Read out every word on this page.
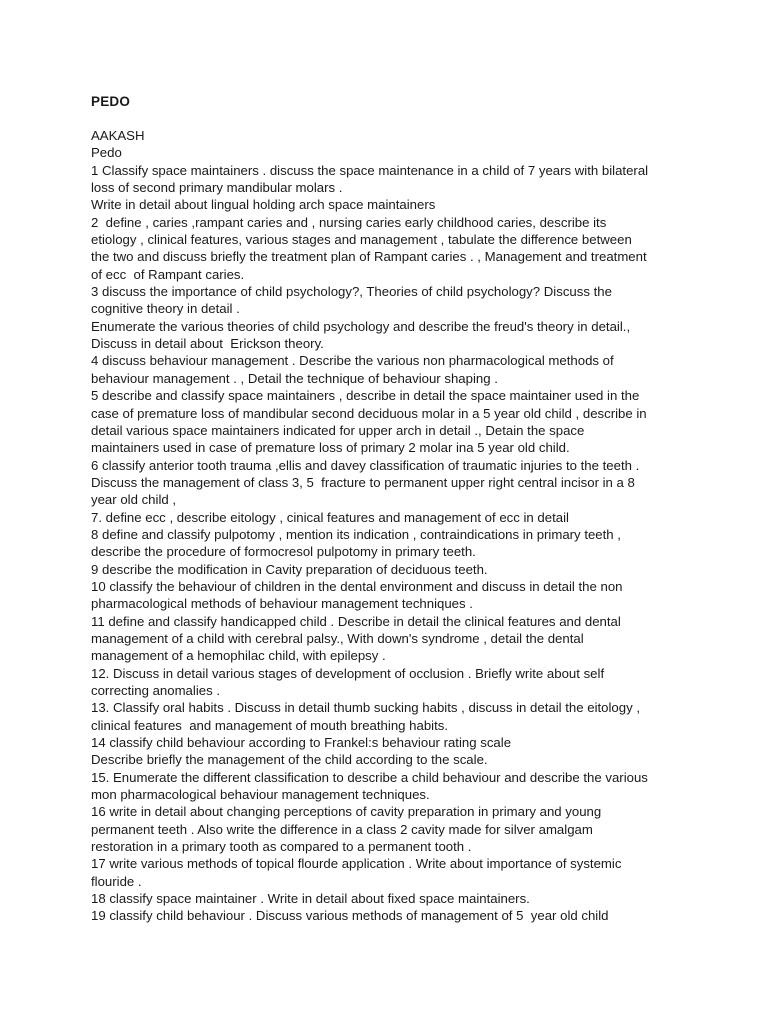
PEDO
AAKASH
Pedo
1 Classify space maintainers . discuss the space maintenance in a child of 7 years with bilateral
loss of second primary mandibular molars .
Write in detail about lingual holding arch space maintainers
2  define , caries ,rampant caries and , nursing caries early childhood caries, describe its
etiology , clinical features, various stages and management , tabulate the difference between
the two and discuss briefly the treatment plan of Rampant caries . , Management and treatment
of ecc  of Rampant caries.
3 discuss the importance of child psychology?, Theories of child psychology? Discuss the
cognitive theory in detail .
Enumerate the various theories of child psychology and describe the freud's theory in detail.,
Discuss in detail about  Erickson theory.
4 discuss behaviour management . Describe the various non pharmacological methods of
behaviour management . , Detail the technique of behaviour shaping .
5 describe and classify space maintainers , describe in detail the space maintainer used in the
case of premature loss of mandibular second deciduous molar in a 5 year old child , describe in
detail various space maintainers indicated for upper arch in detail ., Detain the space
maintainers used in case of premature loss of primary 2 molar ina 5 year old child.
6 classify anterior tooth trauma ,ellis and davey classification of traumatic injuries to the teeth .
Discuss the management of class 3, 5  fracture to permanent upper right central incisor in a 8
year old child ,
7. define ecc , describe eitology , cinical features and management of ecc in detail
8 define and classify pulpotomy , mention its indication , contraindications in primary teeth ,
describe the procedure of formocresol pulpotomy in primary teeth.
9 describe the modification in Cavity preparation of deciduous teeth.
10 classify the behaviour of children in the dental environment and discuss in detail the non
pharmacological methods of behaviour management techniques .
11 define and classify handicapped child . Describe in detail the clinical features and dental
management of a child with cerebral palsy., With down's syndrome , detail the dental
management of a hemophilac child, with epilepsy .
12. Discuss in detail various stages of development of occlusion . Briefly write about self
correcting anomalies .
13. Classify oral habits . Discuss in detail thumb sucking habits , discuss in detail the eitology ,
clinical features  and management of mouth breathing habits.
14 classify child behaviour according to Frankel:s behaviour rating scale
Describe briefly the management of the child according to the scale.
15. Enumerate the different classification to describe a child behaviour and describe the various
mon pharmacological behaviour management techniques.
16 write in detail about changing perceptions of cavity preparation in primary and young
permanent teeth . Also write the difference in a class 2 cavity made for silver amalgam
restoration in a primary tooth as compared to a permanent tooth .
17 write various methods of topical flourde application . Write about importance of systemic
flouride .
18 classify space maintainer . Write in detail about fixed space maintainers.
19 classify child behaviour . Discuss various methods of management of 5  year old child
